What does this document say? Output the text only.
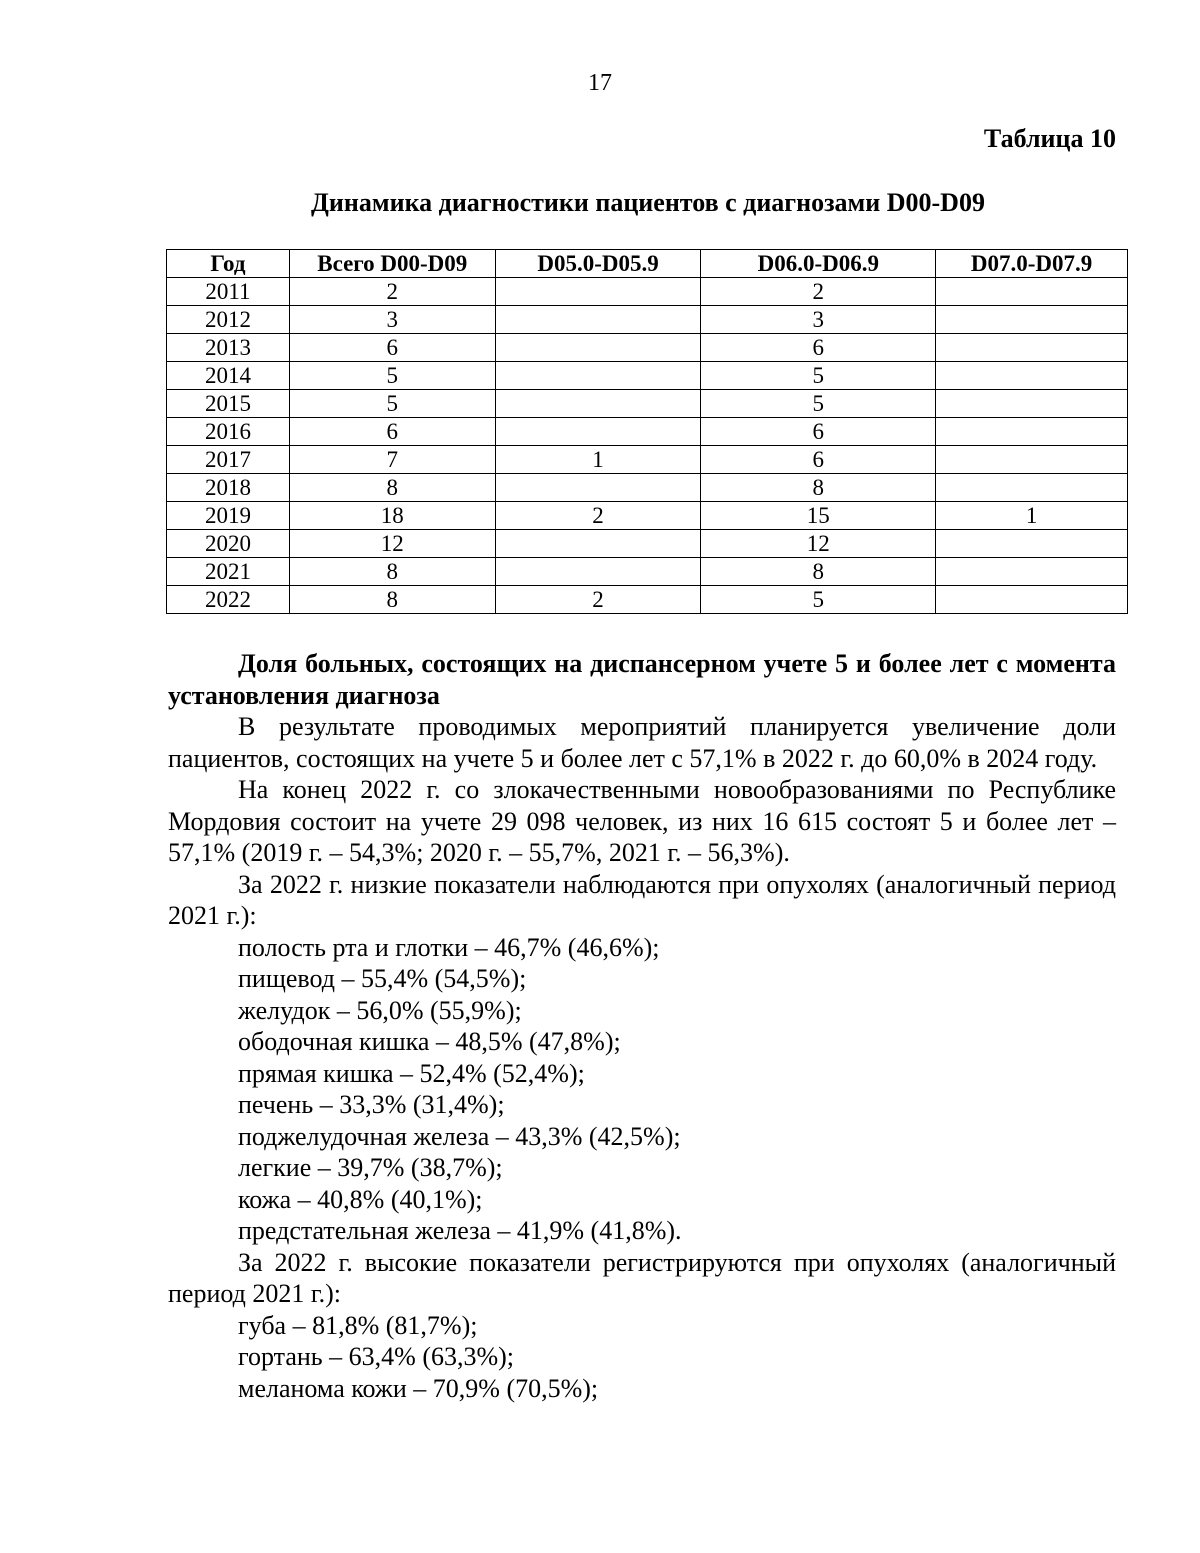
17
Таблица 10
Динамика диагностики пациентов с диагнозами D00-D09
Год	Всего D00-D09	D05.0-D05.9	D06.0-D06.9	D07.0-D07.9
2011	2		2	
2012	3		3	
2013	6		6	
2014	5		5	
2015	5		5	
2016	6		6	
2017	7	1	6	
2018	8		8	
2019	18	2	15	1
2020	12		12	
2021	8		8	
2022	8	2	5	

Доля больных, состоящих на диспансерном учете 5 и более лет с момента установления диагноза

В результате проводимых мероприятий планируется увеличение доли пациентов, состоящих на учете 5 и более лет с 57,1% в 2022 г. до 60,0% в 2024 году.

На конец 2022 г. со злокачественными новообразованиями по Республике Мордовия состоит на учете 29 098 человек, из них 16 615 состоят 5 и более лет – 57,1% (2019 г. – 54,3%; 2020 г. – 55,7%, 2021 г. – 56,3%).

За 2022 г. низкие показатели наблюдаются при опухолях (аналогичный период 2021 г.):

полость рта и глотки – 46,7% (46,6%);
пищевод – 55,4% (54,5%);
желудок – 56,0% (55,9%);
ободочная кишка – 48,5% (47,8%);
прямая кишка – 52,4% (52,4%);
печень – 33,3% (31,4%);
поджелудочная железа – 43,3% (42,5%);
легкие – 39,7% (38,7%);
кожа – 40,8% (40,1%);
предстательная железа – 41,9% (41,8%).

За 2022 г. высокие показатели регистрируются при опухолях (аналогичный период 2021 г.):

губа – 81,8% (81,7%);
гортань – 63,4% (63,3%);
меланома кожи – 70,9% (70,5%);
